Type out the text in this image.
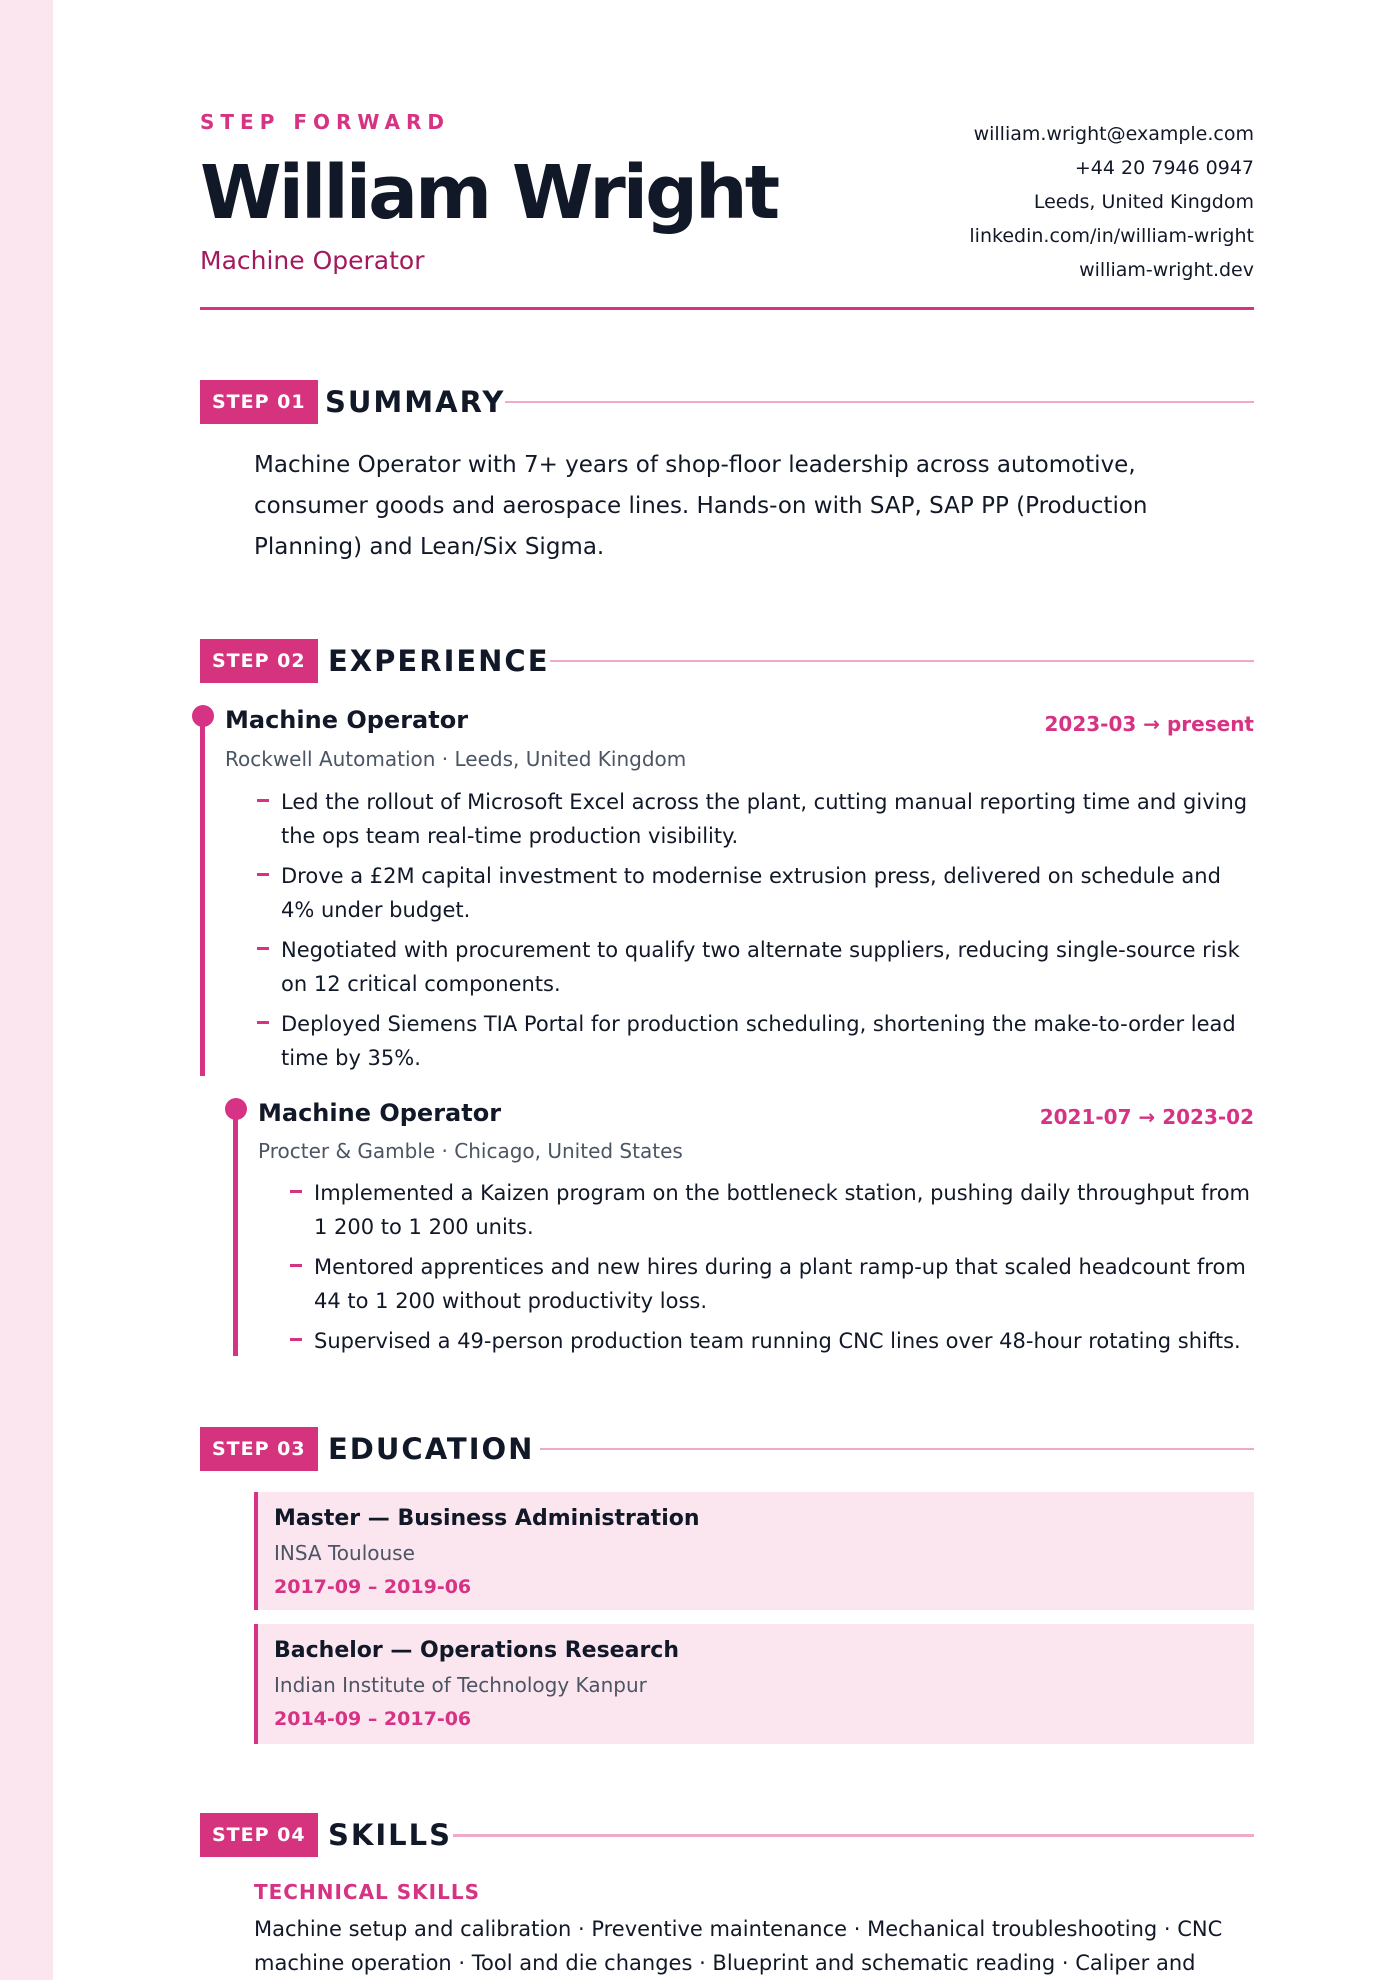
STEP FORWARD
William Wright
Machine Operator
william.wright@example.com
+44 20 7946 0947
Leeds, United Kingdom
linkedin.com/in/william-wright
william-wright.dev
STEP 01 SUMMARY
Machine Operator with 7+ years of shop-floor leadership across automotive, consumer goods and aerospace lines. Hands-on with SAP, SAP PP (Production Planning) and Lean/Six Sigma.
STEP 02 EXPERIENCE
Machine Operator	2023-03 → present
Rockwell Automation · Leeds, United Kingdom
Led the rollout of Microsoft Excel across the plant, cutting manual reporting time and giving the ops team real-time production visibility.
Drove a £2M capital investment to modernise extrusion press, delivered on schedule and 4% under budget.
Negotiated with procurement to qualify two alternate suppliers, reducing single-source risk on 12 critical components.
Deployed Siemens TIA Portal for production scheduling, shortening the make-to-order lead time by 35%.
Machine Operator	2021-07 → 2023-02
Procter & Gamble · Chicago, United States
Implemented a Kaizen program on the bottleneck station, pushing daily throughput from 1 200 to 1 200 units.
Mentored apprentices and new hires during a plant ramp-up that scaled headcount from 44 to 1 200 without productivity loss.
Supervised a 49-person production team running CNC lines over 48-hour rotating shifts.
STEP 03 EDUCATION
Master — Business Administration
INSA Toulouse
2017-09 – 2019-06
Bachelor — Operations Research
Indian Institute of Technology Kanpur
2014-09 – 2017-06
STEP 04 SKILLS
TECHNICAL SKILLS
Machine setup and calibration · Preventive maintenance · Mechanical troubleshooting · CNC machine operation · Tool and die changes · Blueprint and schematic reading · Caliper and
